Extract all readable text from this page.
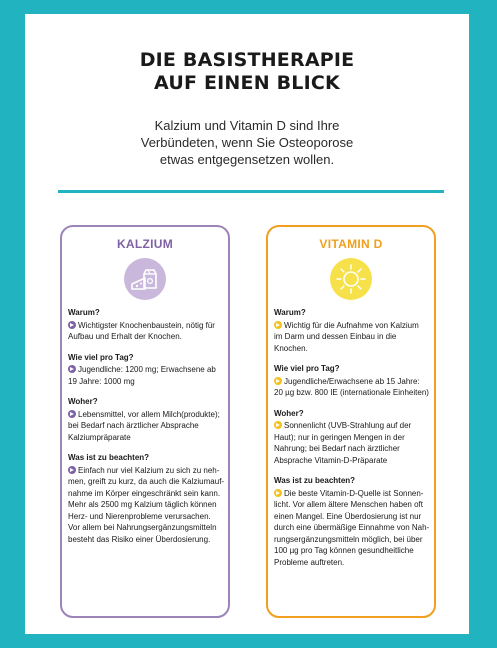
DIE BASISTHERAPIE
AUF EINEN BLICK
Kalzium und Vitamin D sind Ihre
Verbündeten, wenn Sie Osteoporose
etwas entgegensetzen wollen.
KALZIUM
Warum?

Wichtigster Knochenbaustein, nötig für

Aufbau und Erhalt der Knochen.

Wie viel pro Tag?

Jugendliche: 1200 mg; Erwachsene ab

19 Jahre: 1000 mg

Woher?

Lebensmittel, vor allem Milch(produkte);

bei Bedarf nach ärztlicher Absprache

Kalziumpräparate

Was ist zu beachten?

Einfach nur viel Kalzium zu sich zu neh-

men, greift zu kurz, da auch die Kalziumauf-

nahme im Körper eingeschränkt sein kann.

Mehr als 2500 mg Kalzium täglich können

Herz- und Nierenprobleme verursachen.

Vor allem bei Nahrungsergänzungsmitteln

besteht das Risiko einer Überdosierung.

VITAMIN D
Warum?

Wichtig für die Aufnahme von Kalzium

im Darm und dessen Einbau in die Knochen.

Wie viel pro Tag?

Jugendliche/Erwachsene ab 15 Jahre:

20 µg bzw. 800 IE (internationale Einheiten)

Woher?

Sonnenlicht (UVB-Strahlung auf der

Haut); nur in geringen Mengen in der

Nahrung; bei Bedarf nach ärztlicher

Absprache Vitamin-D-Präparate

Was ist zu beachten?

Die beste Vitamin-D-Quelle ist Sonnen-

licht. Vor allem ältere Menschen haben oft

einen Mangel. Eine Überdosierung ist nur

durch eine übermäßige Einnahme von Nah-

rungsergänzungsmitteln möglich, bei über

100 µg pro Tag können gesundheitliche

Probleme auftreten.
